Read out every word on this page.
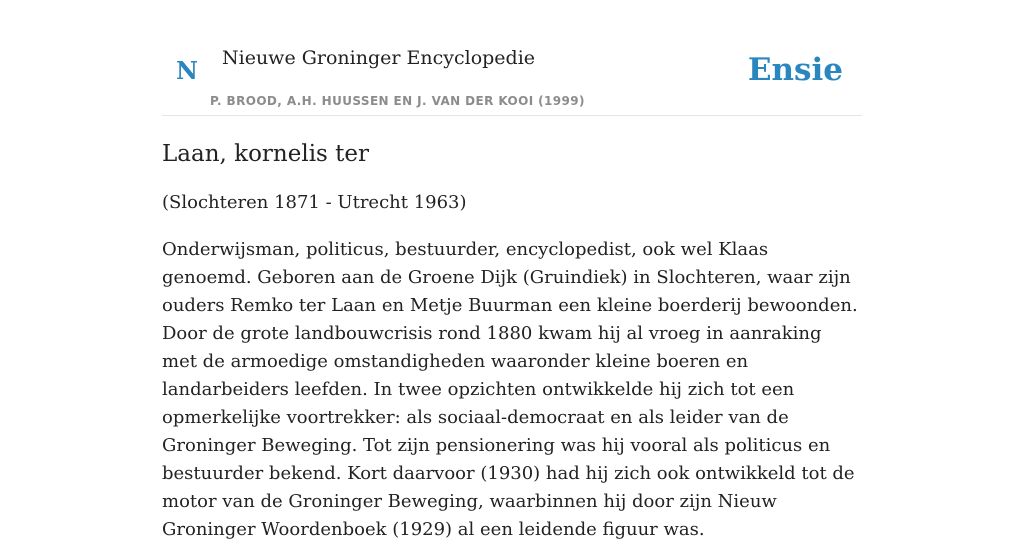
N Nieuwe Groninger Encyclopedie
P. BROOD, A.H. HUUSSEN EN J. VAN DER KOOI (1999)
Ensie
Laan, kornelis ter

(Slochteren 1871 - Utrecht 1963)

Onderwijsman, politicus, bestuurder, encyclopedist, ook wel Klaas genoemd. Geboren aan de Groene Dijk (Gruindiek) in Slochteren, waar zijn ouders Remko ter Laan en Metje Buurman een kleine boerderij bewoonden. Door de grote landbouwcrisis rond 1880 kwam hij al vroeg in aanraking met de armoedige omstandigheden waaronder kleine boeren en landarbeiders leefden. In twee opzichten ontwikkelde hij zich tot een opmerkelijke voortrekker: als sociaal-democraat en als leider van de Groninger Beweging. Tot zijn pensionering was hij vooral als politicus en bestuurder bekend. Kort daarvoor (1930) had hij zich ook ontwikkeld tot de motor van de Groninger Beweging, waarbinnen hij door zijn Nieuw Groninger Woordenboek (1929) al een leidende figuur was.
